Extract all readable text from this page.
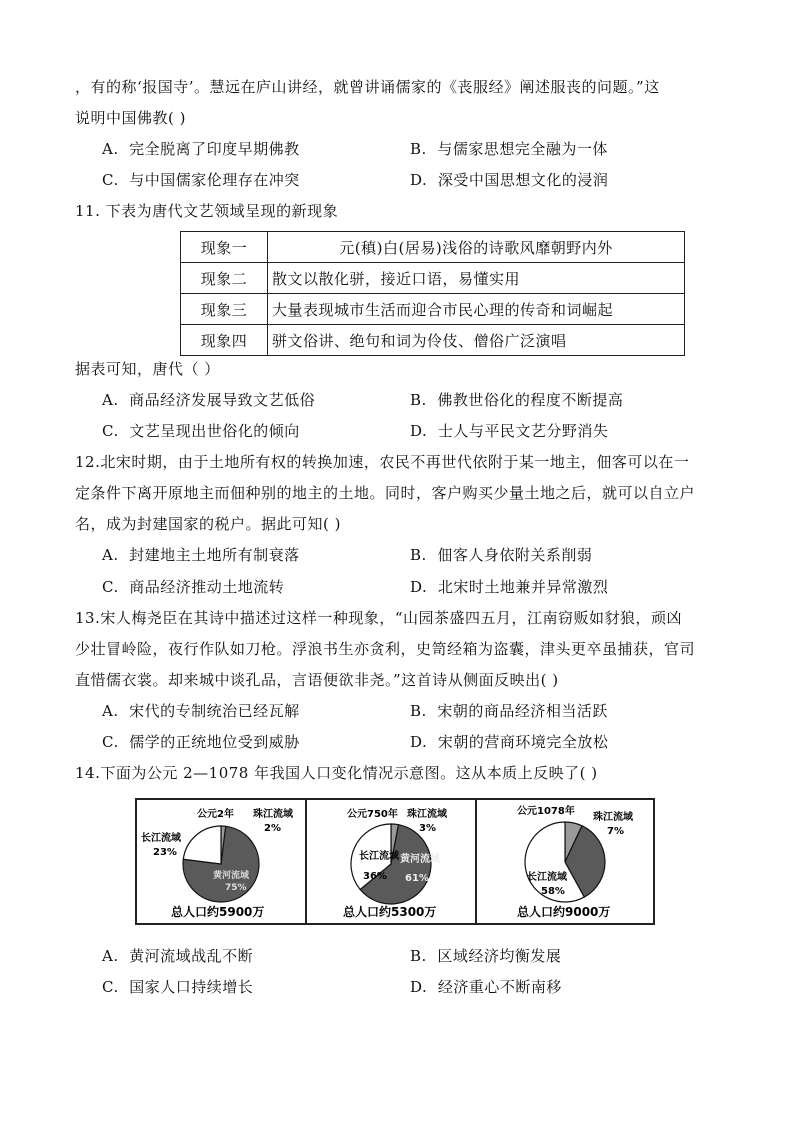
，有的称‘报国寺’。慧远在庐山讲经，就曾讲诵儒家的《丧服经》阐述服丧的问题。”这
说明中国佛教( )
A. 完全脱离了印度早期佛教	B. 与儒家思想完全融为一体
C. 与中国儒家伦理存在冲突	D. 深受中国思想文化的浸润
11. 下表为唐代文艺领域呈现的新现象
现象一	元(稹)白(居易)浅俗的诗歌风靡朝野内外
现象二	散文以散化骈，接近口语，易懂实用
现象三	大量表现城市生活而迎合市民心理的传奇和词崛起
现象四	骈文俗讲、绝句和词为伶伎、僧俗广泛演唱
据表可知，唐代（ ）
A. 商品经济发展导致文艺低俗	B. 佛教世俗化的程度不断提高
C. 文艺呈现出世俗化的倾向	D. 士人与平民文艺分野消失
12.北宋时期，由于土地所有权的转换加速，农民不再世代依附于某一地主，佃客可以在一
定条件下离开原地主而佃种别的地主的土地。同时，客户购买少量土地之后，就可以自立户
名，成为封建国家的税户。据此可知( )
A. 封建地主土地所有制衰落	B. 佃客人身依附关系削弱
C. 商品经济推动土地流转	D. 北宋时土地兼并异常激烈
13.宋人梅尧臣在其诗中描述过这样一种现象，“山园茶盛四五月，江南窃贩如豺狼，顽凶
少壮冒岭险，夜行作队如刀枪。浮浪书生亦贪利，史笥经箱为盗囊，津头更卒虽捕获，官司
直惜儒衣裳。却来城中谈孔品，言语便欲非尧。”这首诗从侧面反映出( )
A. 宋代的专制统治已经瓦解	B. 宋朝的商品经济相当活跃
C. 儒学的正统地位受到威胁	D. 宋朝的营商环境完全放松
14.下面为公元 2—1078 年我国人口变化情况示意图。这从本质上反映了( )
公元2年 珠江流域
2%
长江流域
23%
黄河流域
75%
总人口约5900万
公元750年 珠江流域
3%
长江流域
36%
黄河流域
61%
总人口约5300万
公元1078年
珠江流域
7%
长江流域
58%
总人口约9000万
A. 黄河流域战乱不断	B. 区域经济均衡发展
C. 国家人口持续增长	D. 经济重心不断南移
